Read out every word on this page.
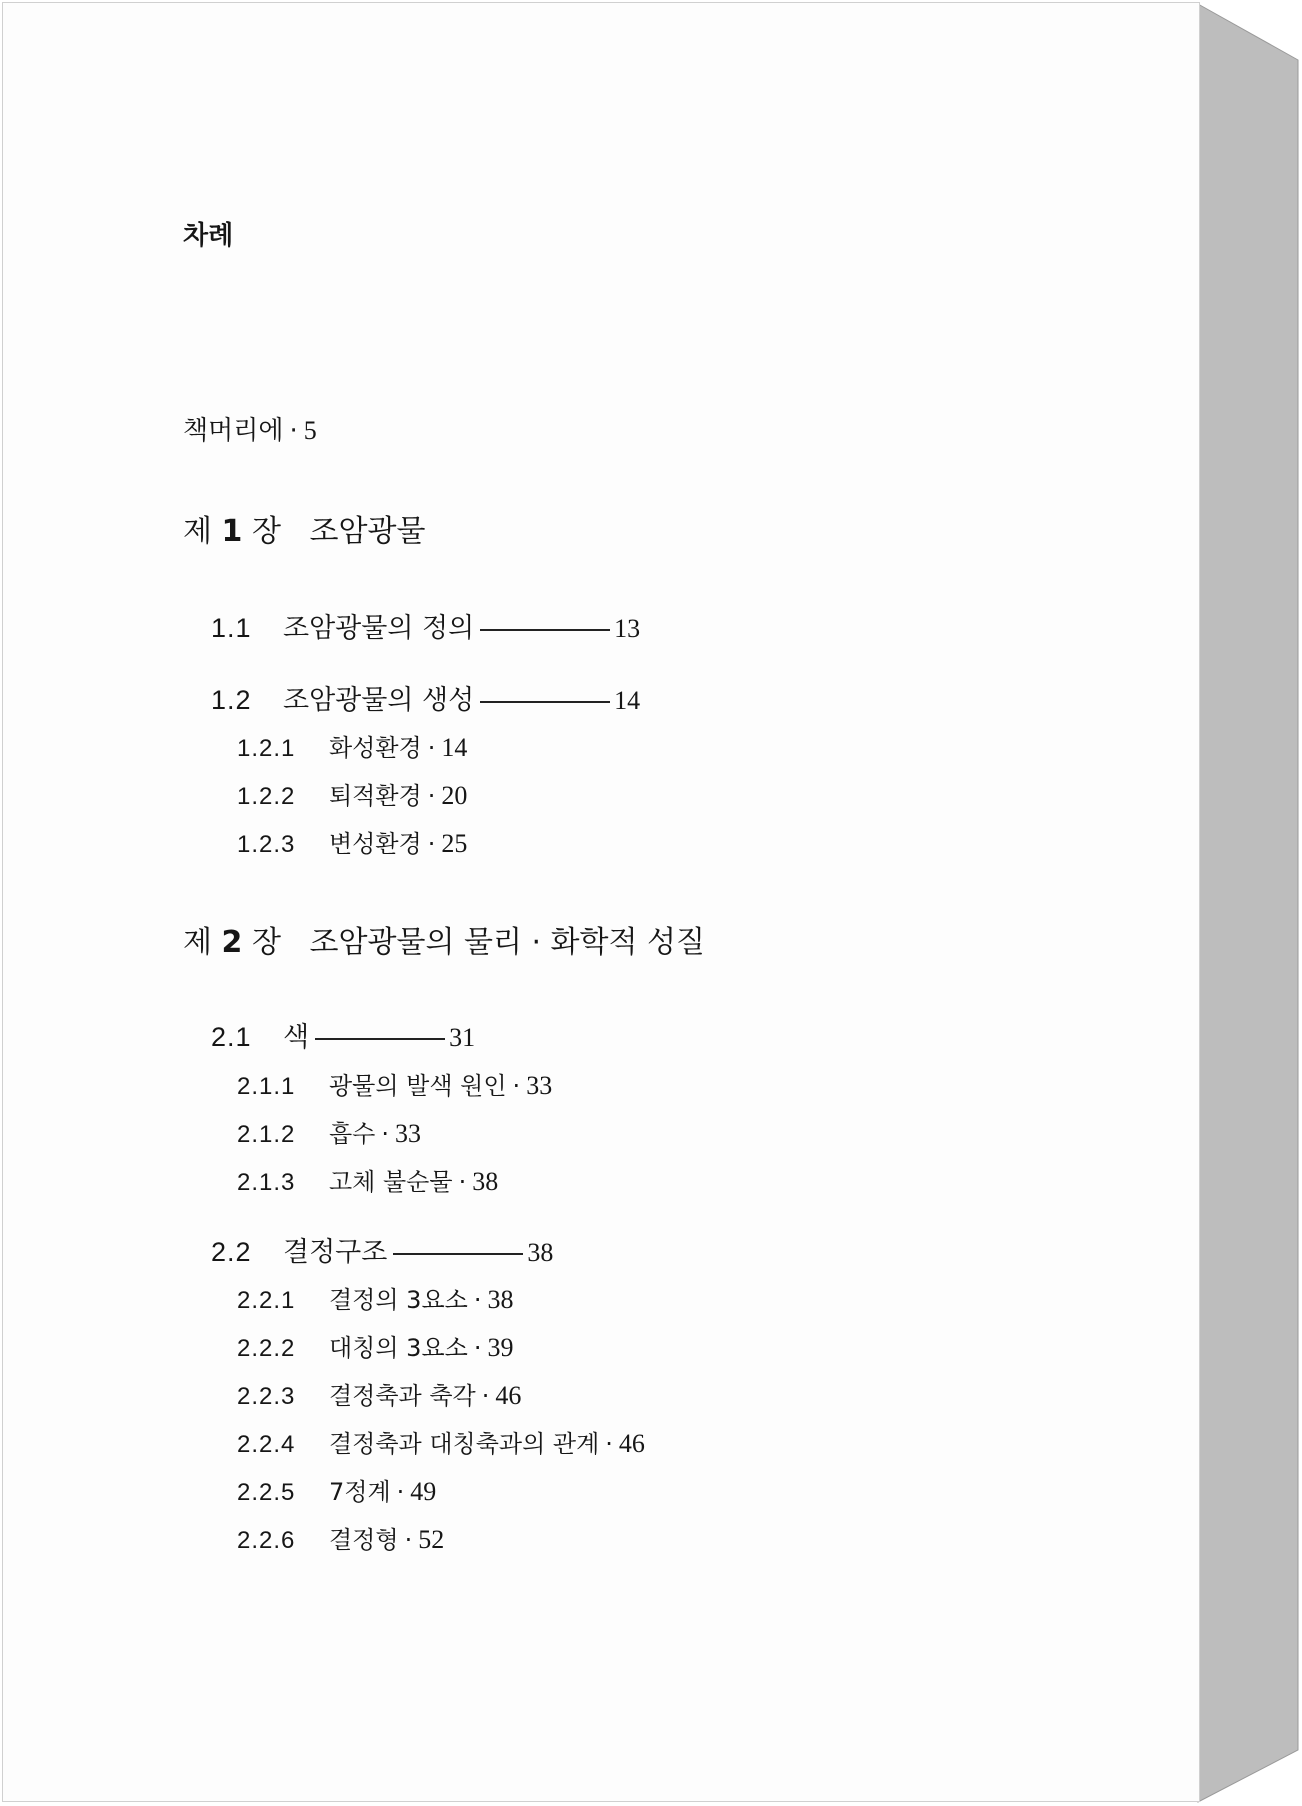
차례
책머리에 · 5
제 1 장 조암광물
1.1 조암광물의 정의	13
1.2 조암광물의 생성	14
1.2.1 화성환경 · 14
1.2.2 퇴적환경 · 20
1.2.3 변성환경 · 25
제 2 장 조암광물의 물리 · 화학적 성질
2.1 색	31
2.1.1 광물의 발색 원인 · 33
2.1.2 흡수 · 33
2.1.3 고체 불순물 · 38
2.2 결정구조	38
2.2.1 결정의 3요소 · 38
2.2.2 대칭의 3요소 · 39
2.2.3 결정축과 축각 · 46
2.2.4 결정축과 대칭축과의 관계 · 46
2.2.5 7정계 · 49
2.2.6 결정형 · 52
